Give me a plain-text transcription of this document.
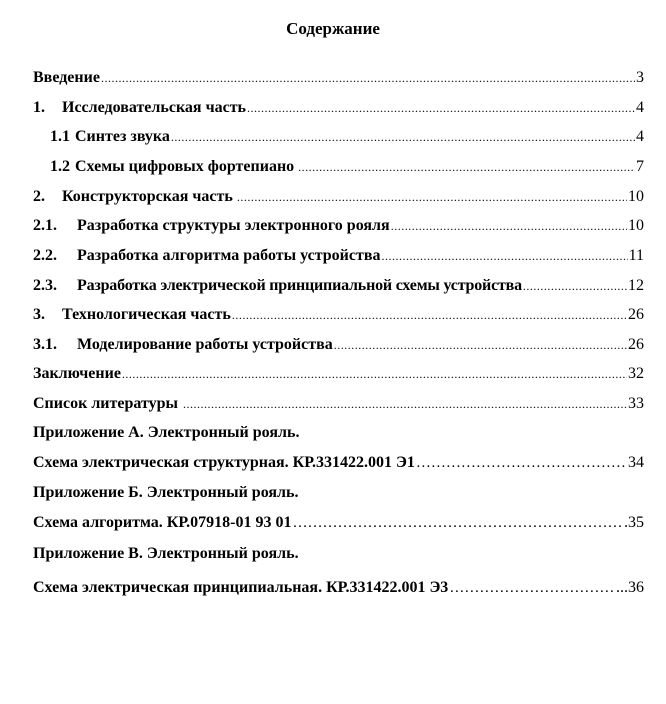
Содержание
Введение .....	3
1. Исследовательская часть .....	4
1.1 Синтез звука .....	4
1.2 Схемы цифровых фортепиано .....	7
2. Конструкторская часть .....	10
2.1. Разработка структуры электронного рояля .....	10
2.2. Разработка алгоритма работы устройства .....	11
2.3. Разработка электрической принципиальной схемы устройства .....	12
3. Технологическая часть .....	26
3.1. Моделирование работы устройства .....	26
Заключение .....	32
Список литературы .....	33
Приложение А. Электронный рояль.
Схема электрическая структурная. КР.331422.001 Э1 ……………………………………………………………………………………………………………………………………………………………………………………	34
Приложение Б. Электронный рояль.
Схема алгоритма. КР.07918-01 93 01 ……………………………………………………………………………………………………………………………………………………………………………………	.35
Приложение В. Электронный рояль.
Схема электрическая принципиальная. КР.331422.001 Э3 ……………………………………………………………………………………………………………………………………………………………………………………	...36
